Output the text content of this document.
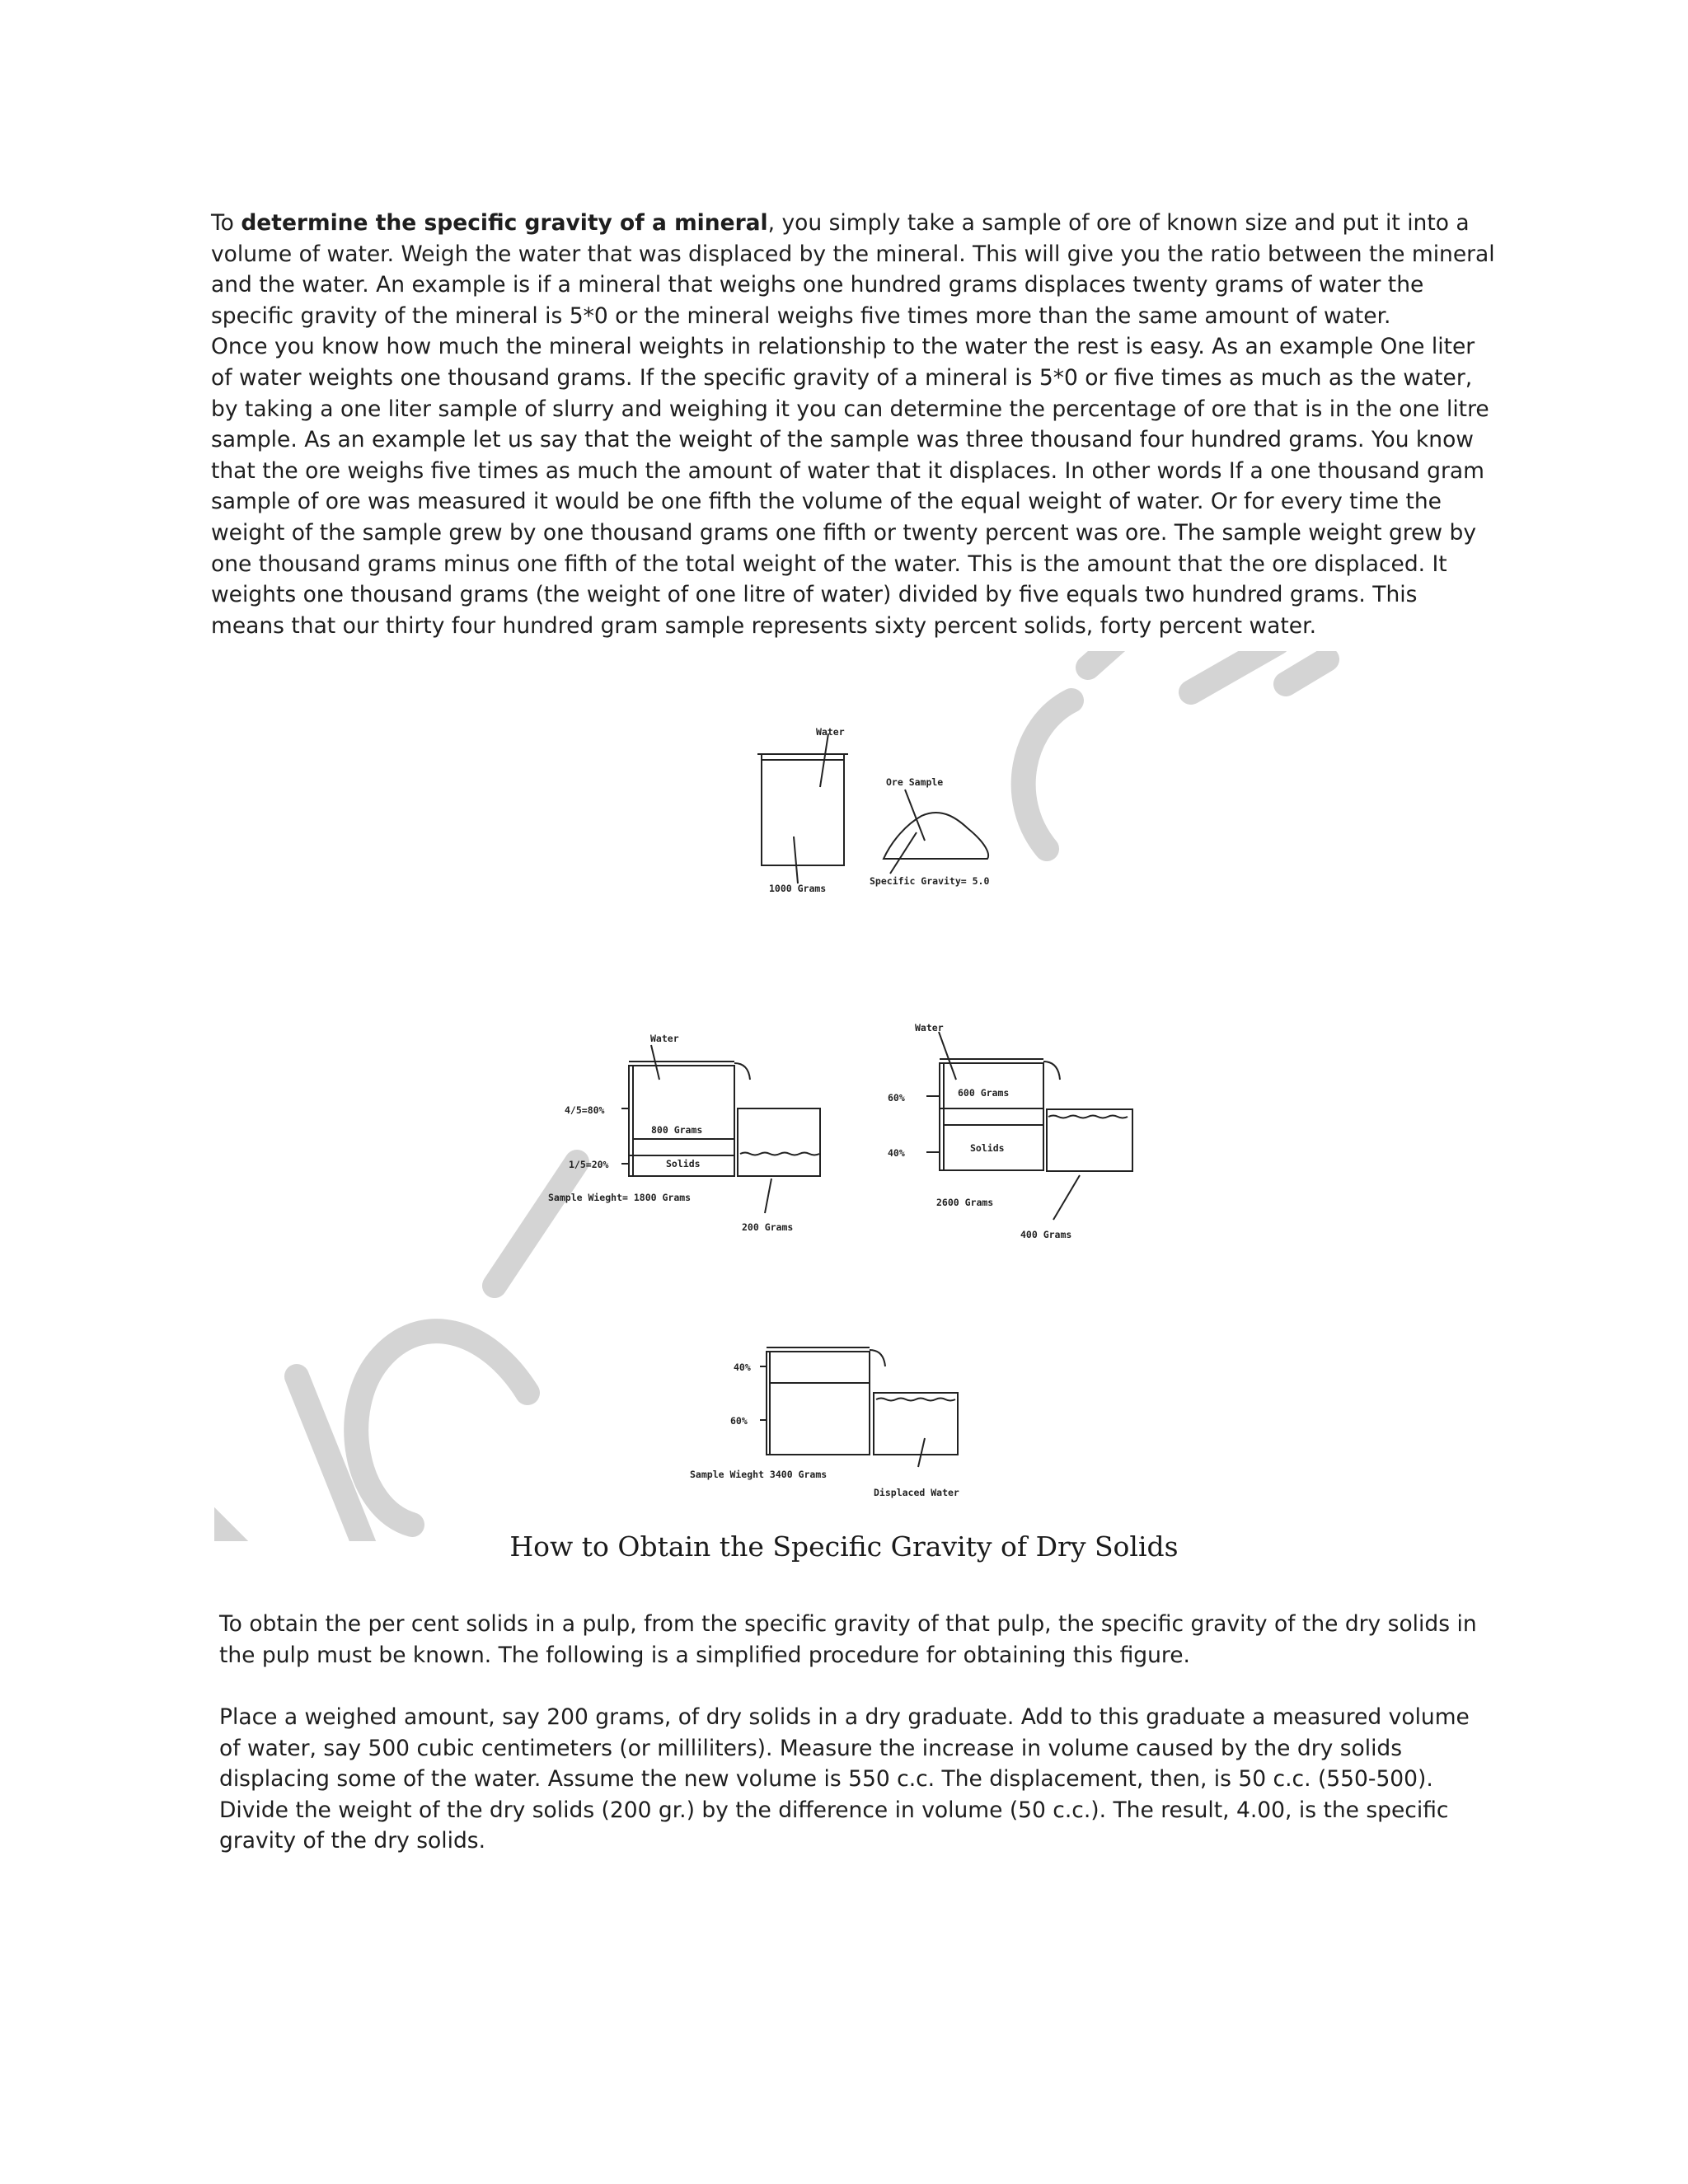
To determine the specific gravity of a mineral, you simply take a sample of ore of known size and put it into a volume of water. Weigh the water that was displaced by the mineral. This will give you the ratio between the mineral and the water. An example is if a mineral that weighs one hundred grams displaces twenty grams of water the specific gravity of the mineral is 5*0 or the mineral weighs five times more than the same amount of water.
Once you know how much the mineral weights in relationship to the water the rest is easy. As an example One liter of water weights one thousand grams. If the specific gravity of a mineral is 5*0 or five times as much as the water, by taking a one liter sample of slurry and weighing it you can determine the percentage of ore that is in the one litre sample. As an example let us say that the weight of the sample was three thousand four hundred grams. You know that the ore weighs five times as much the amount of water that it displaces. In other words If a one thousand gram sample of ore was measured it would be one fifth the volume of the equal weight of water. Or for every time the weight of the sample grew by one thousand grams one fifth or twenty percent was ore. The sample weight grew by one thousand grams minus one fifth of the total weight of the water. This is the amount that the ore displaced. It weights one thousand grams (the weight of one litre of water) divided by five equals two hundred grams. This means that our thirty four hundred gram sample represents sixty percent solids, forty percent water.
Water
Ore Sample
1000 Grams
Specific Gravity= 5.0
Water
4/5=80%
1/5=20%
800 Grams
Solids
Sample Wieght= 1800 Grams
200 Grams
Water
60%
40%
600 Grams
Solids
2600 Grams
400 Grams
40%
60%
Sample Wieght 3400 Grams
Displaced Water
How to Obtain the Specific Gravity of Dry Solids

To obtain the per cent solids in a pulp, from the specific gravity of that pulp, the specific gravity of the dry solids in the pulp must be known. The following is a simplified procedure for obtaining this figure.

Place a weighed amount, say 200 grams, of dry solids in a dry graduate. Add to this graduate a measured volume of water, say 500 cubic centimeters (or milliliters). Measure the increase in volume caused by the dry solids displacing some of the water. Assume the new volume is 550 c.c. The displacement, then, is 50 c.c. (550-500). Divide the weight of the dry solids (200 gr.) by the difference in volume (50 c.c.). The result, 4.00, is the specific gravity of the dry solids.
